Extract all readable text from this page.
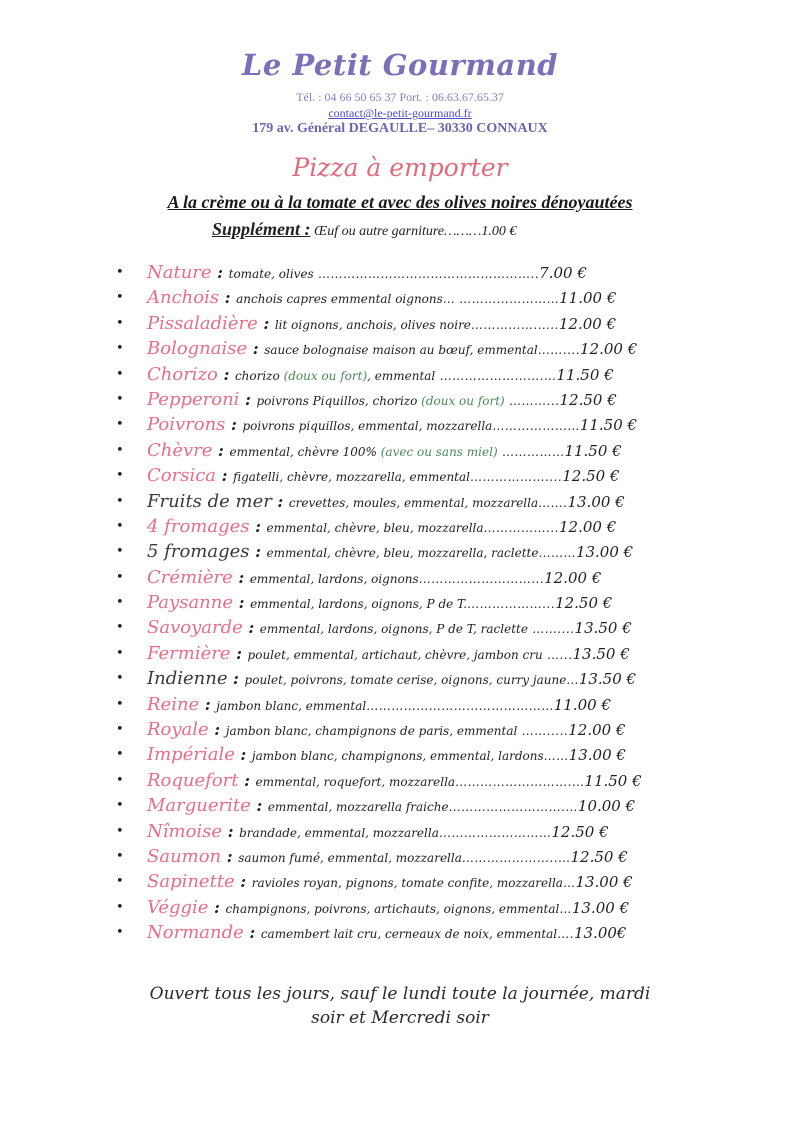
Le Petit Gourmand
Tél. : 04 66 50 65 37 Port. : 06.63.67.65.37
contact@le-petit-gourmand.fr
179 av. Général DEGAULLE– 30330 CONNAUX
Pizza à emporter
A la crème ou à la tomate et avec des olives noires dénoyautées
Supplément : Œuf ou autre garniture………1.00 €
• Nature : tomate, olives ……………………………………………..7.00 €
• Anchois : anchois capres emmental oignons… ……………………11.00 €
• Pissaladière : lit oignons, anchois, olives noire…………….…..12.00 €
• Bolognaise : sauce bolognaise maison au bœuf, emmental……....12.00 €
• Chorizo : chorizo (doux ou fort), emmental …………………….…11.50 €
• Pepperoni : poivrons Piquillos, chorizo (doux ou fort) ………...12.50 €
• Poivrons : poivrons piquillos, emmental, mozzarella…………………11.50 €
• Chèvre : emmental, chèvre 100% (avec ou sans miel) ……………11.50 €
• Corsica : figatelli, chèvre, mozzarella, emmental………………....12.50 €
• Fruits de mer : crevettes, moules, emmental, mozzarella…….13.00 €
• 4 fromages : emmental, chèvre, bleu, mozzarella……………...12.00 €
• 5 fromages : emmental, chèvre, bleu, mozzarella, raclette………13.00 €
• Crémière : emmental, lardons, oignons………………………...12.00 €
• Paysanne : emmental, lardons, oignons, P de T.………………...12.50 €
• Savoyarde : emmental, lardons, oignons, P de T, raclette ……....13.50 €
• Fermière : poulet, emmental, artichaut, chèvre, jambon cru …...13.50 €
• Indienne : poulet, poivrons, tomate cerise, oignons, curry jaune…13.50 €
• Reine : jambon blanc, emmental………………………………………11.00 €
• Royale : jambon blanc, champignons de paris, emmental …….....12.00 €
• Impériale : jambon blanc, champignons, emmental, lardons……13.00 €
• Roquefort : emmental, roquefort, mozzarella……………………….…11.50 €
• Marguerite : emmental, mozzarella fraiche……………………….…10.00 €
• Nîmoise : brandade, emmental, mozzarella………………………12.50 €
• Saumon : saumon fumé, emmental, mozzarella…………………..…12.50 €
• Sapinette : ravioles royan, pignons, tomate confite, mozzarella…13.00 €
• Véggie : champignons, poivrons, artichauts, oignons, emmental…13.00 €
• Normande : camembert lait cru, cerneaux de noix, emmental….13.00€
Ouvert tous les jours, sauf le lundi toute la journée, mardi
soir et Mercredi soir
